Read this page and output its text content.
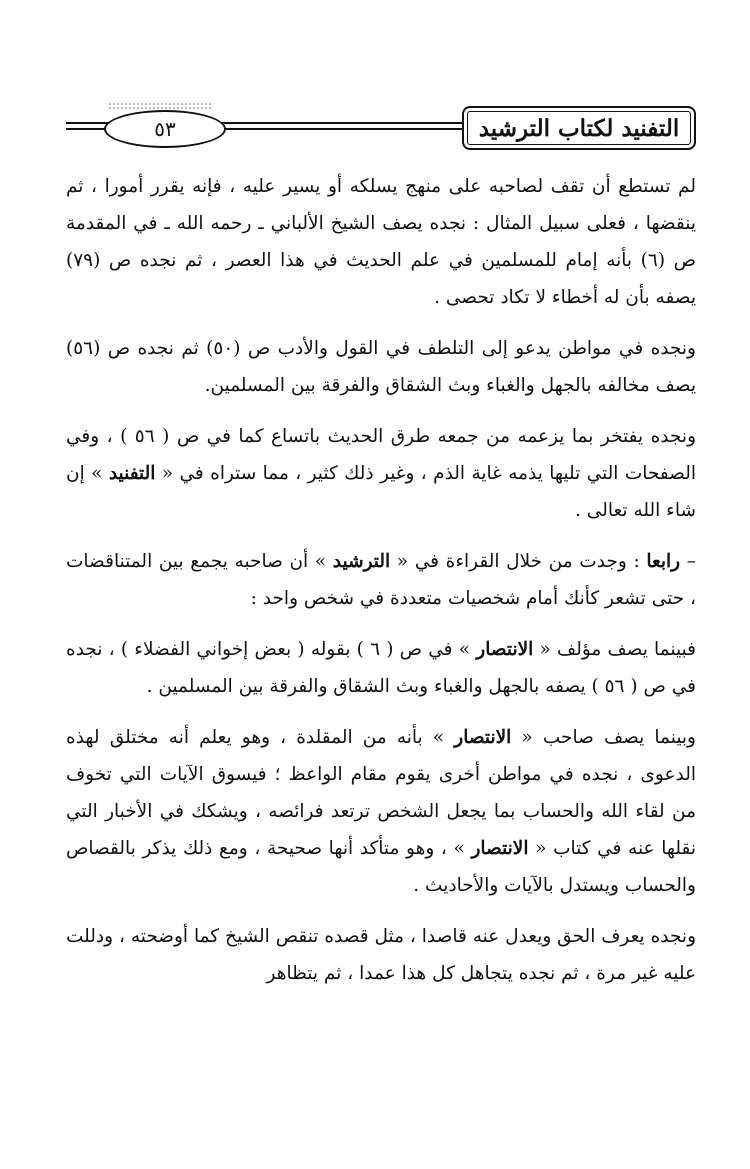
٥٣	التفنيد لكتاب الترشيد

لم تستطع أن تقف لصاحبه على منهج يسلكه أو يسير عليه ، فإنه يقرر أمورا ، ثم ينقضها ، فعلى سبيل المثال : نجده يصف الشيخ الألباني ـ رحمه الله ـ في المقدمة ص (٦) بأنه إمام للمسلمين في علم الحديث في هذا العصر ، ثم نجده ص (٧٩) يصفه بأن له أخطاء لا تكاد تحصى .

ونجده في مواطن يدعو إلى التلطف في القول والأدب ص (٥٠) ثم نجده ص (٥٦) يصف مخالفه بالجهل والغباء وبث الشقاق والفرقة بين المسلمين.

ونجده يفتخر بما يزعمه من جمعه طرق الحديث باتساع كما في ص ( ٥٦ ) ، وفي الصفحات التي تليها يذمه غاية الذم ، وغير ذلك كثير ، مما ستراه في « التفنيد » إن شاء الله تعالى .

– رابعا : وجدت من خلال القراءة في « الترشيد » أن صاحبه يجمع بين المتناقضات ، حتى تشعر كأنك أمام شخصيات متعددة في شخص واحد :

فبينما يصف مؤلف « الانتصار » في ص ( ٦ ) بقوله ( بعض إخواني الفضلاء ) ، نجده في ص ( ٥٦ ) يصفه بالجهل والغباء وبث الشقاق والفرقة بين المسلمين .

وبينما يصف صاحب « الانتصار » بأنه من المقلدة ، وهو يعلم أنه مختلق لهذه الدعوى ، نجده في مواطن أخرى يقوم مقام الواعظ ؛ فيسوق الآيات التي تخوف من لقاء الله والحساب بما يجعل الشخص ترتعد فرائصه ، ويشكك في الأخبار التي نقلها عنه في كتاب « الانتصار » ، وهو متأكد أنها صحيحة ، ومع ذلك يذكر بالقصاص والحساب ويستدل بالآيات والأحاديث .

ونجده يعرف الحق ويعدل عنه قاصدا ، مثل قصده تنقص الشيخ كما أوضحته ، ودللت عليه غير مرة ، ثم نجده يتجاهل كل هذا عمدا ، ثم يتظاهر
